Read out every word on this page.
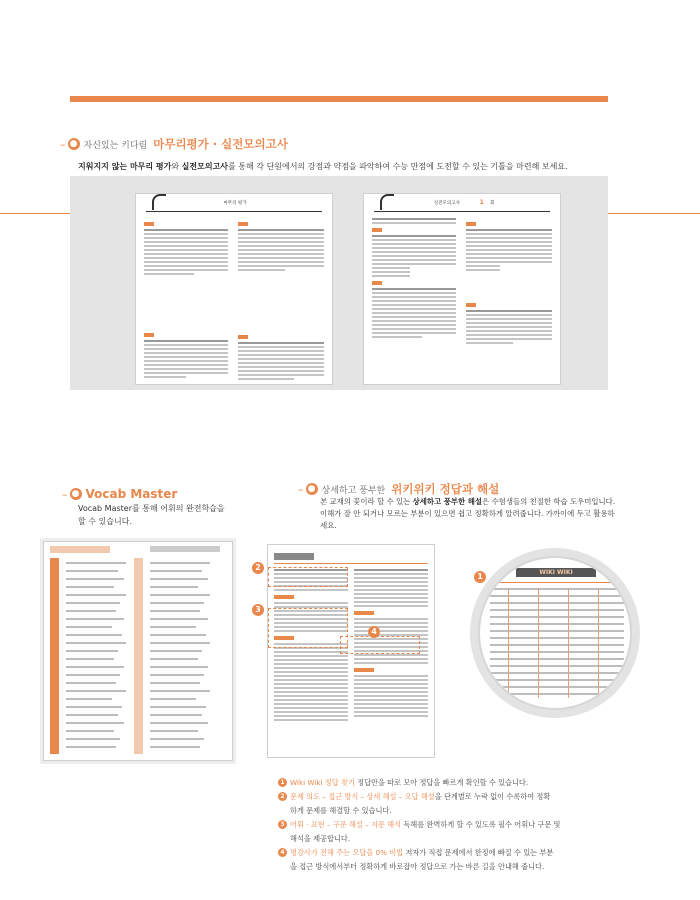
– ● 자신있는 키다림 마무리평가 · 실전모의고사
지워지지 않는 마무리 평가와 실전모의고사를 통해 각 단원에서의 강점과 약점을 파악하여 수능 만점에 도전할 수 있는 기틀을 마련해 보세요.
마무리 평가	실전모의고사	1 회
– ● Vocab Master
Vocab Master를 통해 어휘의 완전학습을
할 수 있습니다.
– ● 상세하고 풍부한 위키위키 정답과 해설
본 교재의 꽃이라 할 수 있는 상세하고 풍부한 해설은 수험생들의 친절한 학습 도우미입니다.
이해가 잘 안 되거나 모르는 부분이 있으면 쉽고 정확하게 알려줍니다. 가까이에 두고 활용하세요.
2
3
4
WIKI WIKI
1
1 Wiki Wiki 정답 찾기 정답만을 따로 모아 정답을 빠르게 확인할 수 있습니다.
2 문제 의도 – 접근 방식 – 상세 해설 – 오답 해설을 단계별로 누락 없이 수록하여 정확
하게 문제를 해결할 수 있습니다.
3 어휘 · 표현 – 구문 해설 – 지문 해석 독해를 완벽하게 할 수 있도록 필수 어휘나 구문 및
해석을 제공합니다.
4 명강사가 전해 주는 오답을 0% 비법 저자가 직접 문제에서 한정에 빠질 수 있는 부분
을 접근 방식에서부터 정확하게 바로잡아 정답으로 가는 바른 길을 안내해 줍니다.
